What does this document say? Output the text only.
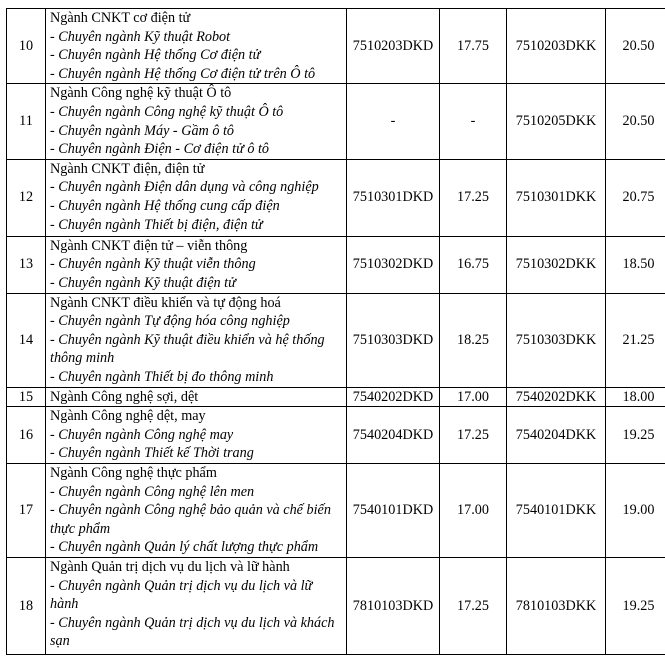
10	Ngành CNKT cơ điện tử
- Chuyên ngành Kỹ thuật Robot
- Chuyên ngành Hệ thống Cơ điện tử
- Chuyên ngành Hệ thống Cơ điện tử trên Ô tô	7510203DKD	17.75	7510203DKK	20.50
11	Ngành Công nghệ kỹ thuật Ô tô
- Chuyên ngành Công nghệ kỹ thuật Ô tô
- Chuyên ngành Máy - Gầm ô tô
- Chuyên ngành Điện - Cơ điện tử ô tô	-	-	7510205DKK	20.50
12	Ngành CNKT điện, điện tử
- Chuyên ngành Điện dân dụng và công nghiệp
- Chuyên ngành Hệ thống cung cấp điện
- Chuyên ngành Thiết bị điện, điện tử	7510301DKD	17.25	7510301DKK	20.75
13	Ngành CNKT điện tử – viễn thông
- Chuyên ngành Kỹ thuật viễn thông
- Chuyên ngành Kỹ thuật điện tử	7510302DKD	16.75	7510302DKK	18.50
14	Ngành CNKT điều khiển và tự động hoá
- Chuyên ngành Tự động hóa công nghiệp
- Chuyên ngành Kỹ thuật điều khiển và hệ thống thông minh
- Chuyên ngành Thiết bị đo thông minh	7510303DKD	18.25	7510303DKK	21.25
15	Ngành Công nghệ sợi, dệt	7540202DKD	17.00	7540202DKK	18.00
16	Ngành Công nghệ dệt, may
- Chuyên ngành Công nghệ may
- Chuyên ngành Thiết kế Thời trang	7540204DKD	17.25	7540204DKK	19.25
17	Ngành Công nghệ thực phẩm
- Chuyên ngành Công nghệ lên men
- Chuyên ngành Công nghệ bảo quản và chế biến thực phẩm
- Chuyên ngành Quản lý chất lượng thực phẩm	7540101DKD	17.00	7540101DKK	19.00
18	Ngành Quản trị dịch vụ du lịch và lữ hành
- Chuyên ngành Quản trị dịch vụ du lịch và lữ hành
- Chuyên ngành Quản trị dịch vụ du lịch và khách sạn	7810103DKD	17.25	7810103DKK	19.25
